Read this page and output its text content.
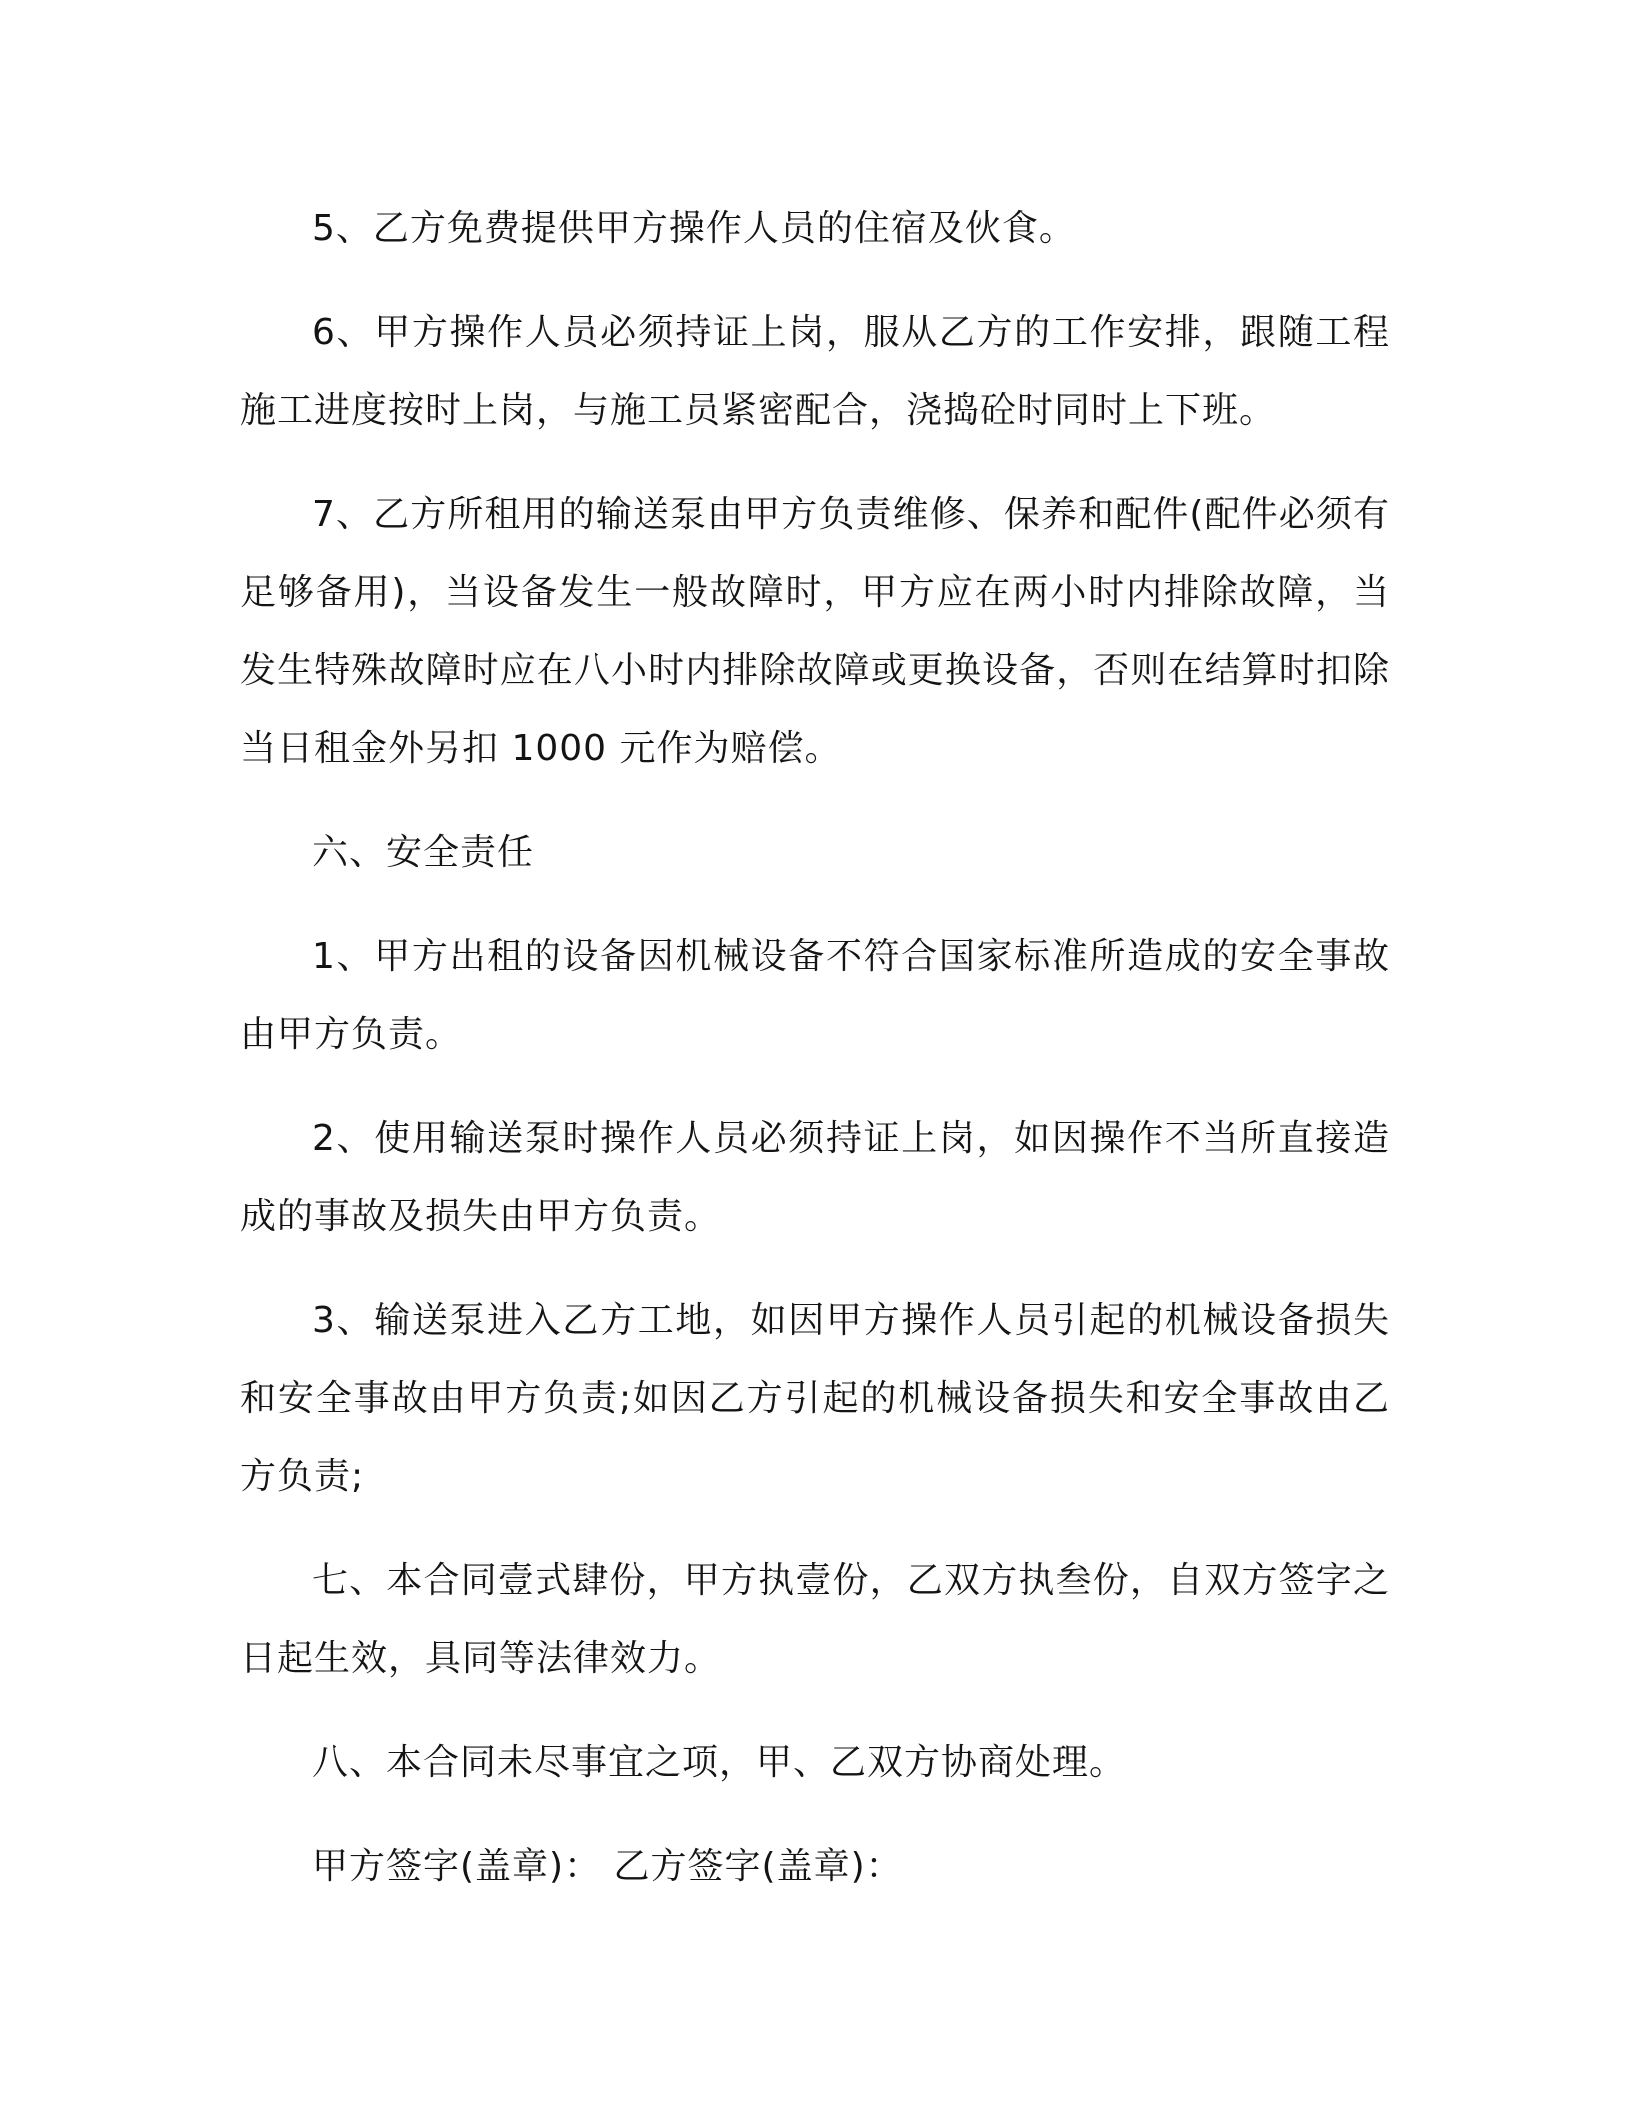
5、乙方免费提供甲方操作人员的住宿及伙食。

6、甲方操作人员必须持证上岗，服从乙方的工作安排，跟随工程施工进度按时上岗，与施工员紧密配合，浇捣砼时同时上下班。

7、乙方所租用的输送泵由甲方负责维修、保养和配件(配件必须有足够备用)，当设备发生一般故障时，甲方应在两小时内排除故障，当发生特殊故障时应在八小时内排除故障或更换设备，否则在结算时扣除当日租金外另扣 1000 元作为赔偿。

六、安全责任

1、甲方出租的设备因机械设备不符合国家标准所造成的安全事故由甲方负责。

2、使用输送泵时操作人员必须持证上岗，如因操作不当所直接造成的事故及损失由甲方负责。

3、输送泵进入乙方工地，如因甲方操作人员引起的机械设备损失和安全事故由甲方负责;如因乙方引起的机械设备损失和安全事故由乙方负责;

七、本合同壹式肆份，甲方执壹份，乙双方执叁份，自双方签字之日起生效，具同等法律效力。

八、本合同未尽事宜之项，甲、乙双方协商处理。

甲方签字(盖章)： 乙方签字(盖章)：
